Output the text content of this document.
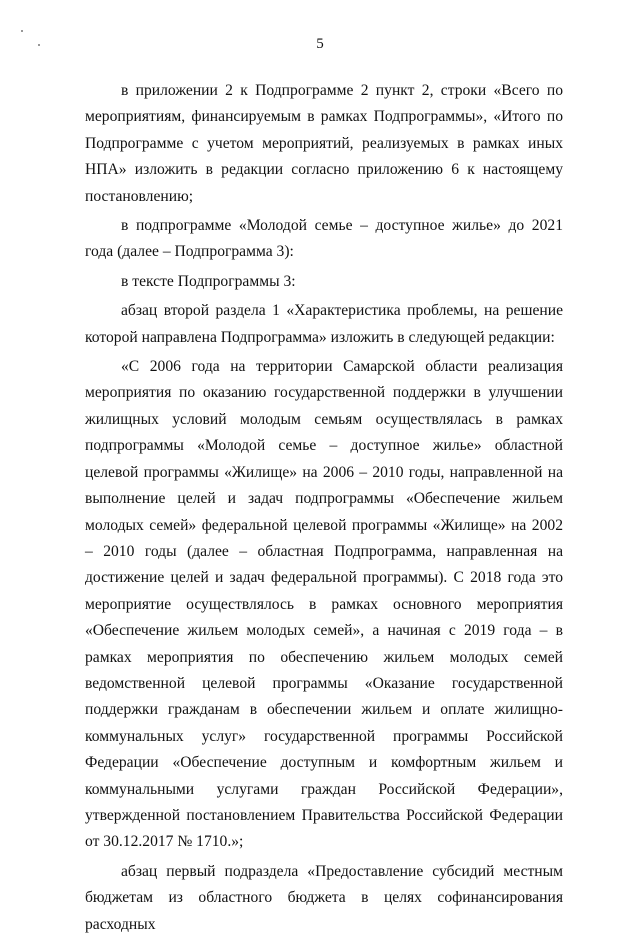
5

в приложении 2 к Подпрограмме 2 пункт 2, строки «Всего по мероприятиям, финансируемым в рамках Подпрограммы», «Итого по Подпрограмме с учетом мероприятий, реализуемых в рамках иных НПА» изложить в редакции согласно приложению 6 к настоящему постановлению;

в подпрограмме «Молодой семье – доступное жилье» до 2021 года (далее – Подпрограмма 3):

в тексте Подпрограммы 3:

абзац второй раздела 1 «Характеристика проблемы, на решение которой направлена Подпрограмма» изложить в следующей редакции:

«С 2006 года на территории Самарской области реализация мероприятия по оказанию государственной поддержки в улучшении жилищных условий молодым семьям осуществлялась в рамках подпрограммы «Молодой семье – доступное жилье» областной целевой программы «Жилище» на 2006 – 2010 годы, направленной на выполнение целей и задач подпрограммы «Обеспечение жильем молодых семей» федеральной целевой программы «Жилище» на 2002 – 2010 годы (далее – областная Подпрограмма, направленная на достижение целей и задач федеральной программы). С 2018 года это мероприятие осуществлялось в рамках основного мероприятия «Обеспечение жильем молодых семей», а начиная с 2019 года – в рамках мероприятия по обеспечению жильем молодых семей ведомственной целевой программы «Оказание государственной поддержки гражданам в обеспечении жильем и оплате жилищно-коммунальных услуг» государственной программы Российской Федерации «Обеспечение доступным и комфортным жильем и коммунальными услугами граждан Российской Федерации», утвержденной постановлением Правительства Российской Федерации от 30.12.2017 № 1710.»;

абзац первый подраздела «Предоставление субсидий местным бюджетам из областного бюджета в целях софинансирования расходных
